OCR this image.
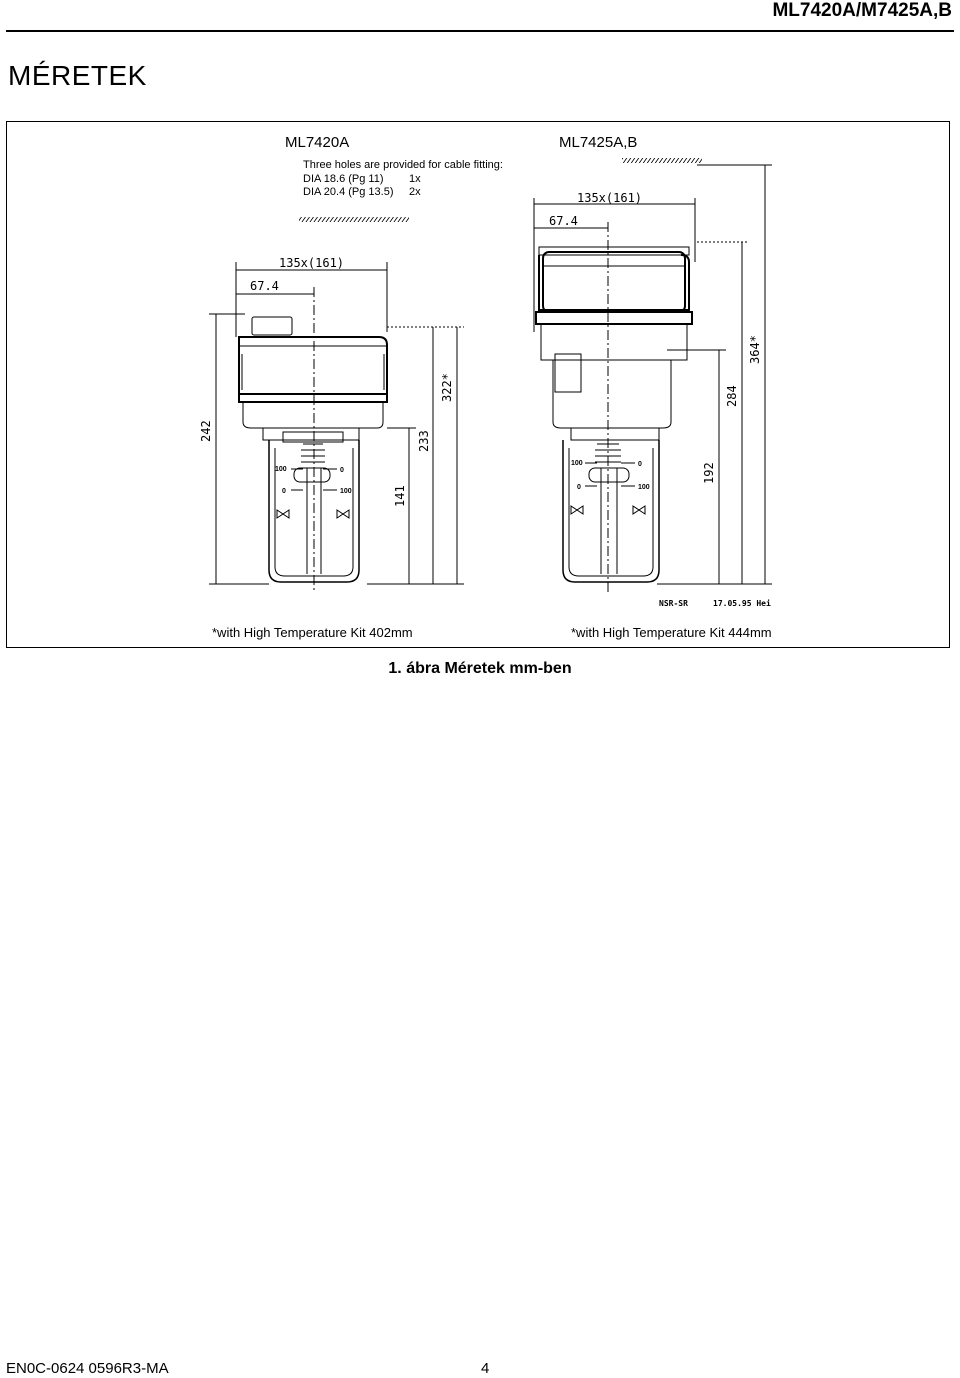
ML7420A/M7425A,B
MÉRETEK
ML7420A	ML7425A,B
Three holes are provided for cable fitting:
DIA 18.6 (Pg 11) 1x
DIA 20.4 (Pg 13.5) 2x
135x(161)
67.4
242
322*
233
141
100	0
0	100
135x(161)
67.4
364*
284
192
100	0
0	100
NSR-SR	17.05.95 Hei
*with High Temperature Kit 402mm	*with High Temperature Kit 444mm
1. ábra Méretek mm-ben
EN0C-0624 0596R3-MA	4
